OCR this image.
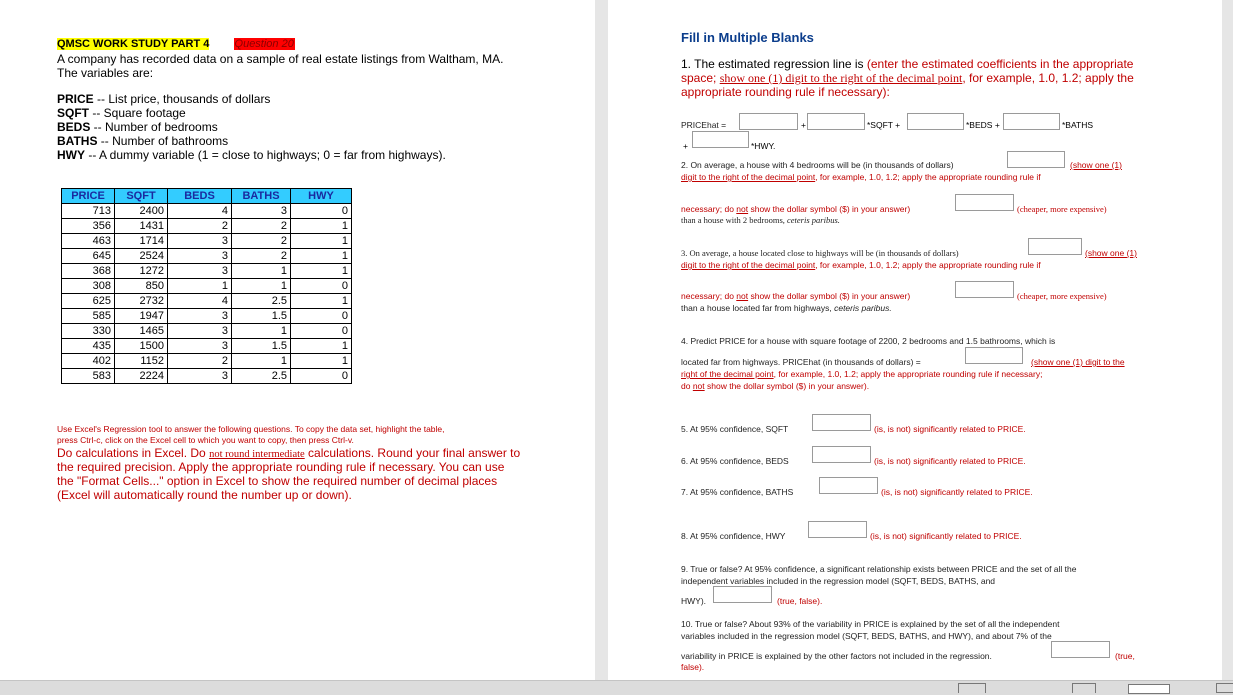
QMSC WORK STUDY PART 4 Question 20
A company has recorded data on a sample of real estate listings from Waltham, MA.
The variables are:
PRICE -- List price, thousands of dollars
SQFT -- Square footage
BEDS -- Number of bedrooms
BATHS -- Number of bathrooms
HWY -- A dummy variable (1 = close to highways; 0 = far from highways).
PRICE	SQFT	BEDS	BATHS	HWY
713	2400	4	3	0
356	1431	2	2	1
463	1714	3	2	1
645	2524	3	2	1
368	1272	3	1	1
308	850	1	1	0
625	2732	4	2.5	1
585	1947	3	1.5	0
330	1465	3	1	0
435	1500	3	1.5	1
402	1152	2	1	1
583	2224	3	2.5	0
Use Excel's Regression tool to answer the following questions. To copy the data set, highlight the table,
press Ctrl-c, click on the Excel cell to which you want to copy, then press Ctrl-v.
Do calculations in Excel. Do not round intermediate calculations. Round your final answer to
the required precision. Apply the appropriate rounding rule if necessary. You can use
the "Format Cells..." option in Excel to show the required number of decimal places
(Excel will automatically round the number up or down).
Fill in Multiple Blanks
1. The estimated regression line is (enter the estimated coefficients in the appropriate
space; show one (1) digit to the right of the decimal point, for example, 1.0, 1.2; apply the
appropriate rounding rule if necessary):
PRICEhat =	+	*SQFT +	*BEDS +	*BATHS
+	*HWY.
2. On average, a house with 4 bedrooms will be (in thousands of dollars)	(show one (1)
digit to the right of the decimal point, for example, 1.0, 1.2; apply the appropriate rounding rule if
necessary; do not show the dollar symbol ($) in your answer)	(cheaper, more expensive)
than a house with 2 bedrooms, ceteris paribus.
3. On average, a house located close to highways will be (in thousands of dollars)	(show one (1)
digit to the right of the decimal point, for example, 1.0, 1.2; apply the appropriate rounding rule if
necessary; do not show the dollar symbol ($) in your answer)	(cheaper, more expensive)
than a house located far from highways, ceteris paribus.
4. Predict PRICE for a house with square footage of 2200, 2 bedrooms and 1.5 bathrooms, which is
located far from highways. PRICEhat (in thousands of dollars) =	(show one (1) digit to the
right of the decimal point, for example, 1.0, 1.2; apply the appropriate rounding rule if necessary;
do not show the dollar symbol ($) in your answer).
5. At 95% confidence, SQFT	(is, is not) significantly related to PRICE.
6. At 95% confidence, BEDS	(is, is not) significantly related to PRICE.
7. At 95% confidence, BATHS	(is, is not) significantly related to PRICE.
8. At 95% confidence, HWY	(is, is not) significantly related to PRICE.
9. True or false? At 95% confidence, a significant relationship exists between PRICE and the set of all the
independent variables included in the regression model (SQFT, BEDS, BATHS, and
HWY).	(true, false).
10. True or false? About 93% of the variability in PRICE is explained by the set of all the independent
variables included in the regression model (SQFT, BEDS, BATHS, and HWY), and about 7% of the
variability in PRICE is explained by the other factors not included in the regression.	(true,
false).
